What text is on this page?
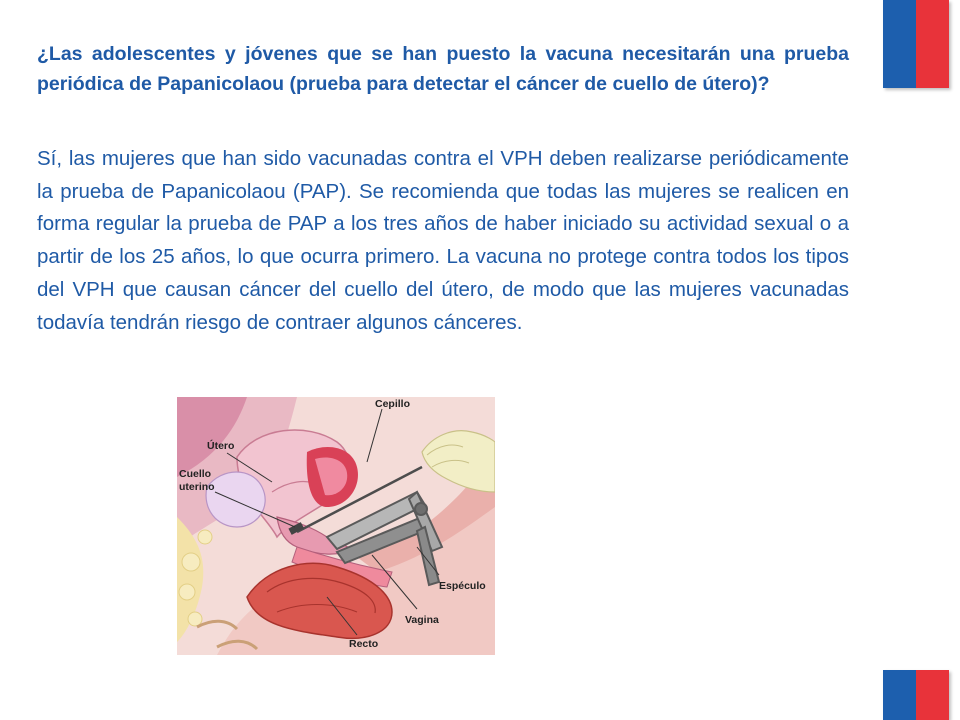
¿Las adolescentes y jóvenes que se han puesto la vacuna necesitarán una prueba periódica de Papanicolaou (prueba para detectar el cáncer de cuello de útero)?

Sí, las mujeres que han sido vacunadas contra el VPH deben realizarse periódicamente la prueba de Papanicolaou (PAP). Se recomienda que todas las mujeres se realicen en forma regular la prueba de PAP a los tres años de haber iniciado su actividad sexual o a partir de los 25 años, lo que ocurra primero. La vacuna no protege contra todos los tipos del VPH que causan cáncer del cuello del útero, de modo que las mujeres vacunadas todavía tendrán riesgo de contraer algunos cánceres.

Cepillo
Útero
Cuello
uterino
Espéculo
Vagina
Recto
